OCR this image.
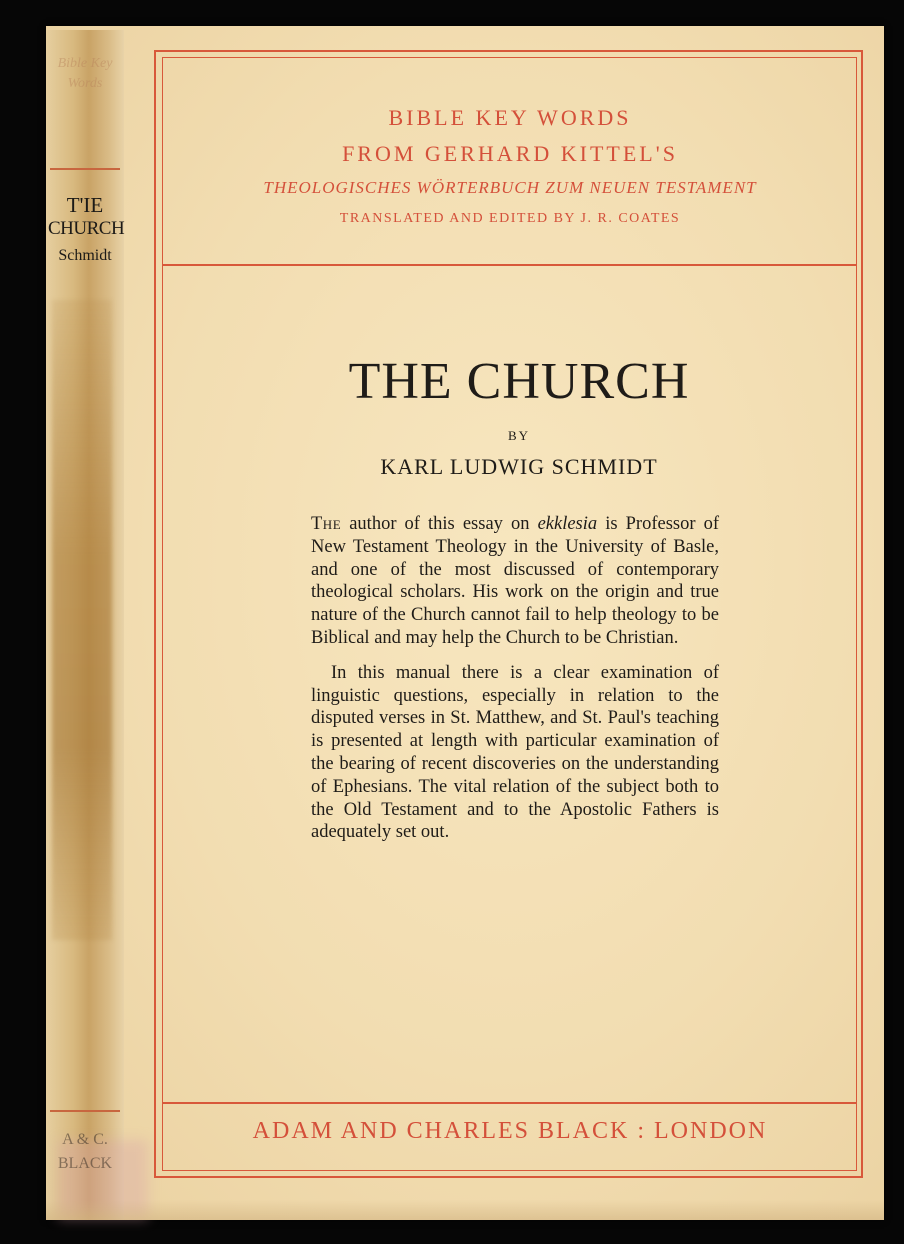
Bible Key Words
T'IE
CHURCH
Schmidt
A & C.
BLACK
BIBLE KEY WORDS
FROM GERHARD KITTEL'S
THEOLOGISCHES WÖRTERBUCH ZUM NEUEN TESTAMENT
TRANSLATED AND EDITED BY J. R. COATES
THE CHURCH
BY
KARL LUDWIG SCHMIDT

The author of this essay on ekklesia is Professor of New Testament Theology in the University of Basle, and one of the most discussed of contemporary theological scholars. His work on the origin and true nature of the Church cannot fail to help theology to be Biblical and may help the Church to be Christian.

In this manual there is a clear examination of linguistic questions, especially in relation to the disputed verses in St. Matthew, and St. Paul's teaching is presented at length with particular examination of the bearing of recent discoveries on the understanding of Ephesians. The vital relation of the subject both to the Old Testament and to the Apostolic Fathers is adequately set out.

ADAM AND CHARLES BLACK : LONDON
